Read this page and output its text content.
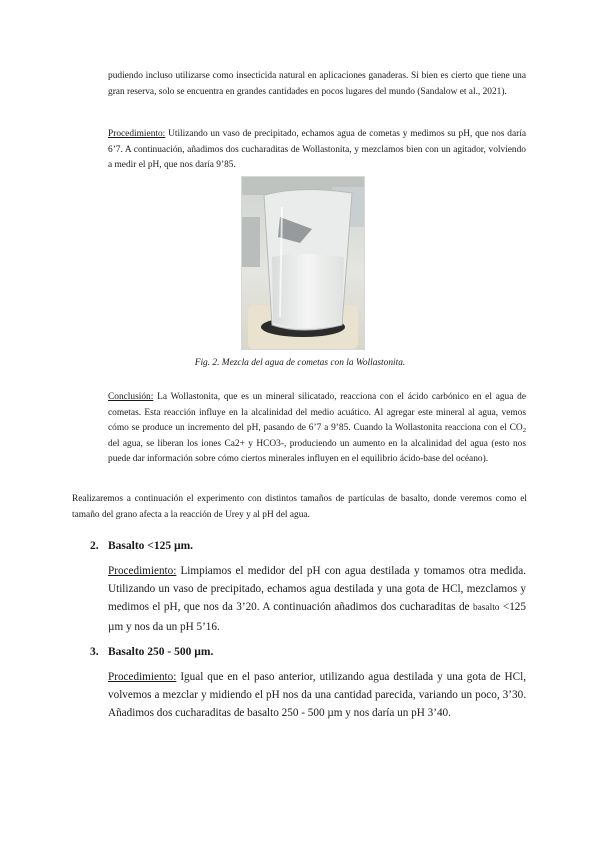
pudiendo incluso utilizarse como insecticida natural en aplicaciones ganaderas. Si bien es cierto que tiene una gran reserva, solo se encuentra en grandes cantidades en pocos lugares del mundo (Sandalow et al., 2021).

Procedimiento: Utilizando un vaso de precipitado, echamos agua de cometas y medimos su pH, que nos daría 6’7. A continuación, añadimos dos cucharaditas de Wollastonita, y mezclamos bien con un agitador, volviendo a medir el pH, que nos daría 9’85.

Fig. 2. Mezcla del agua de cometas con la Wollastonita.

Conclusión: La Wollastonita, que es un mineral silicatado, reacciona con el ácido carbónico en el agua de cometas. Esta reacción influye en la alcalinidad del medio acuático. Al agregar este mineral al agua, vemos cómo se produce un incremento del pH, pasando de 6’7 a 9’85. Cuando la Wollastonita reacciona con el $CO_2$ del agua, se liberan los iones Ca2+ y HCO3-, produciendo un aumento en la alcalinidad del agua (esto nos puede dar información sobre cómo ciertos minerales influyen en el equilibrio ácido-base del océano).

Realizaremos a continuación el experimento con distintos tamaños de partículas de basalto, donde veremos como el tamaño del grano afecta a la reacción de Urey y al pH del agua.

2. Basalto <125 µm.

Procedimiento: Limpiamos el medidor del pH con agua destilada y tomamos otra medida. Utilizando un vaso de precipitado, echamos agua destilada y una gota de HCl, mezclamos y medimos el pH, que nos da 3’20. A continuación añadimos dos cucharaditas de basalto <125 µm y nos da un pH 5’16.

3. Basalto 250 - 500 µm.

Procedimiento: Igual que en el paso anterior, utilizando agua destilada y una gota de HCl, volvemos a mezclar y midiendo el pH nos da una cantidad parecida, variando un poco, 3’30. Añadimos dos cucharaditas de basalto 250 - 500 µm y nos daría un pH 3’40.
